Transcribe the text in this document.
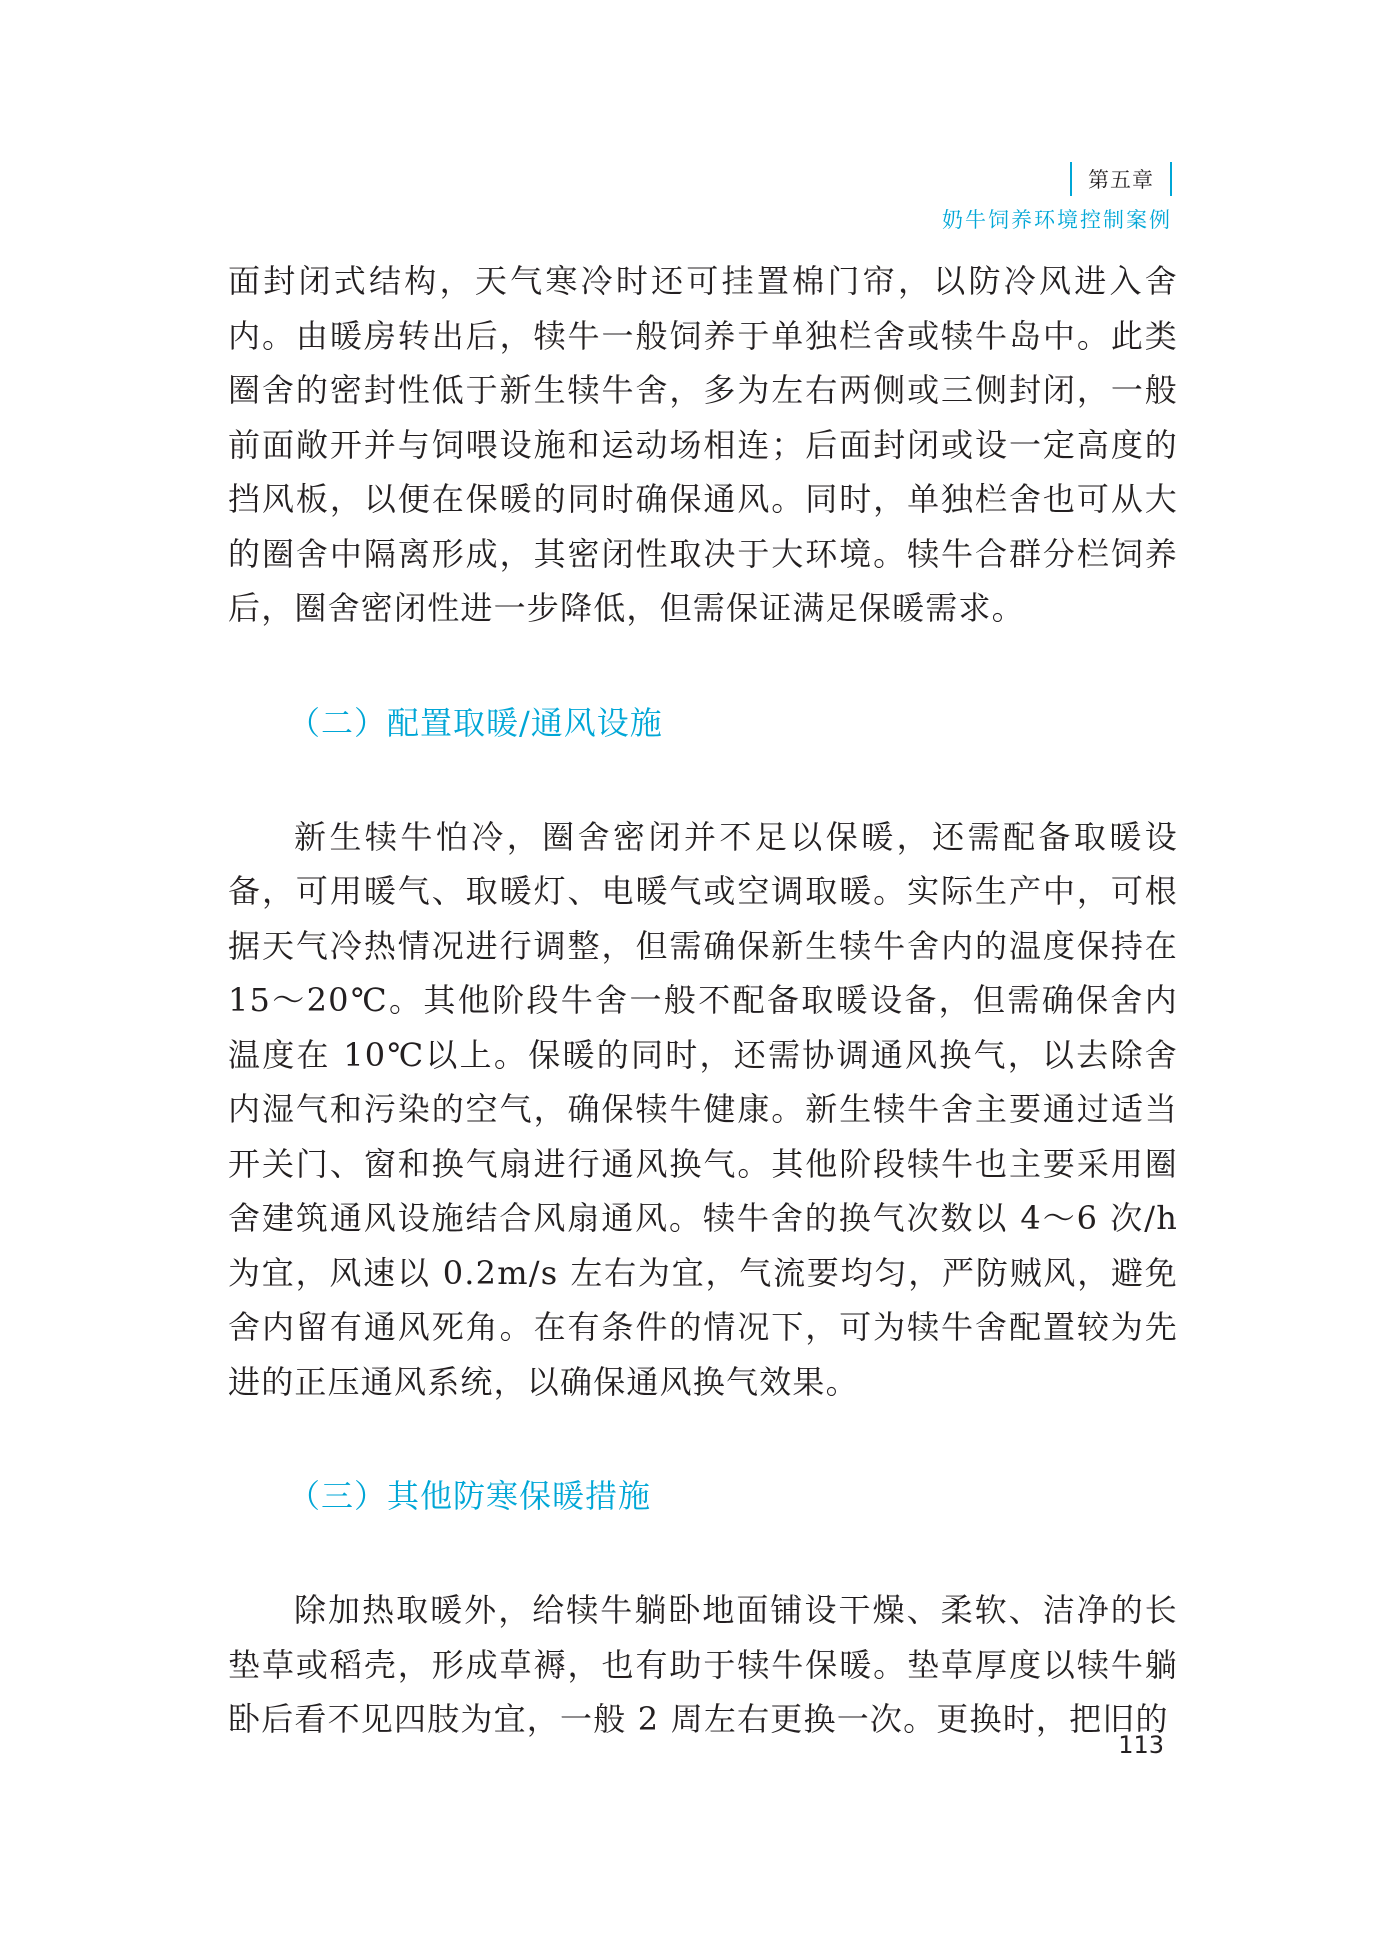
第五章
奶牛饲养环境控制案例

面封闭式结构，天气寒冷时还可挂置棉门帘，以防冷风进入舍内。由暖房转出后，犊牛一般饲养于单独栏舍或犊牛岛中。此类圈舍的密封性低于新生犊牛舍，多为左右两侧或三侧封闭，一般前面敞开并与饲喂设施和运动场相连；后面封闭或设一定高度的挡风板，以便在保暖的同时确保通风。同时，单独栏舍也可从大的圈舍中隔离形成，其密闭性取决于大环境。犊牛合群分栏饲养后，圈舍密闭性进一步降低，但需保证满足保暖需求。

（二）配置取暖/通风设施

新生犊牛怕冷，圈舍密闭并不足以保暖，还需配备取暖设备，可用暖气、取暖灯、电暖气或空调取暖。实际生产中，可根据天气冷热情况进行调整，但需确保新生犊牛舍内的温度保持在 15～20℃。其他阶段牛舍一般不配备取暖设备，但需确保舍内温度在 10℃以上。保暖的同时，还需协调通风换气，以去除舍内湿气和污染的空气，确保犊牛健康。新生犊牛舍主要通过适当开关门、窗和换气扇进行通风换气。其他阶段犊牛也主要采用圈舍建筑通风设施结合风扇通风。犊牛舍的换气次数以 4～6 次/h 为宜，风速以 0.2m/s 左右为宜，气流要均匀，严防贼风，避免舍内留有通风死角。在有条件的情况下，可为犊牛舍配置较为先进的正压通风系统，以确保通风换气效果。

（三）其他防寒保暖措施

除加热取暖外，给犊牛躺卧地面铺设干燥、柔软、洁净的长垫草或稻壳，形成草褥，也有助于犊牛保暖。垫草厚度以犊牛躺卧后看不见四肢为宜，一般 2 周左右更换一次。更换时，把旧的

113
